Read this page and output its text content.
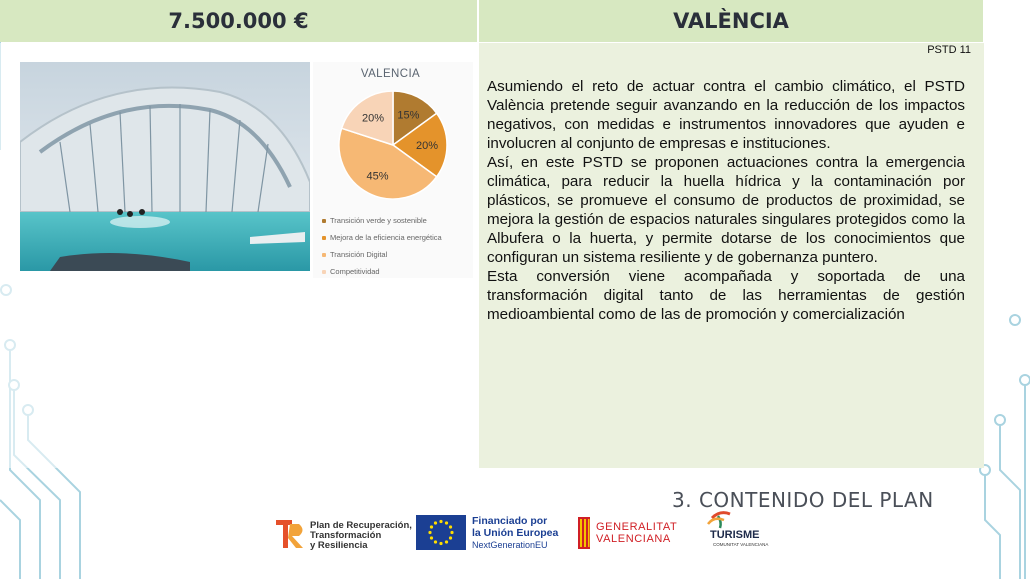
7.500.000 €	VALÈNCIA
VALENCIA
15%
20%
45%
20%
Transición verde y sostenible
Mejora de la eficiencia energética
Transición Digital
Competitividad
PSTD 11

Asumiendo el reto de actuar contra el cambio climático, el PSTD València pretende seguir avanzando en la reducción de los impactos negativos, con medidas e instrumentos innovadores que ayuden e involucren al conjunto de empresas e instituciones.

Así, en este PSTD se proponen actuaciones contra la emergencia climática, para reducir la huella hídrica y la contaminación por plásticos, se promueve el consumo de productos de proximidad, se mejora la gestión de espacios naturales singulares protegidos como la Albufera o la huerta, y permite dotarse de los conocimientos que configuran un sistema resiliente y de gobernanza puntero.

Esta conversión viene acompañada y soportada de una transformación digital tanto de las herramientas de gestión medioambiental como de las de promoción y comercialización

3. CONTENIDO DEL PLAN
Plan de Recuperación,
Transformación
y Resiliencia
Financiado por
la Unión Europea
NextGenerationEU
GENERALITAT
VALENCIANA	TURISME
COMUNITAT VALENCIANA
